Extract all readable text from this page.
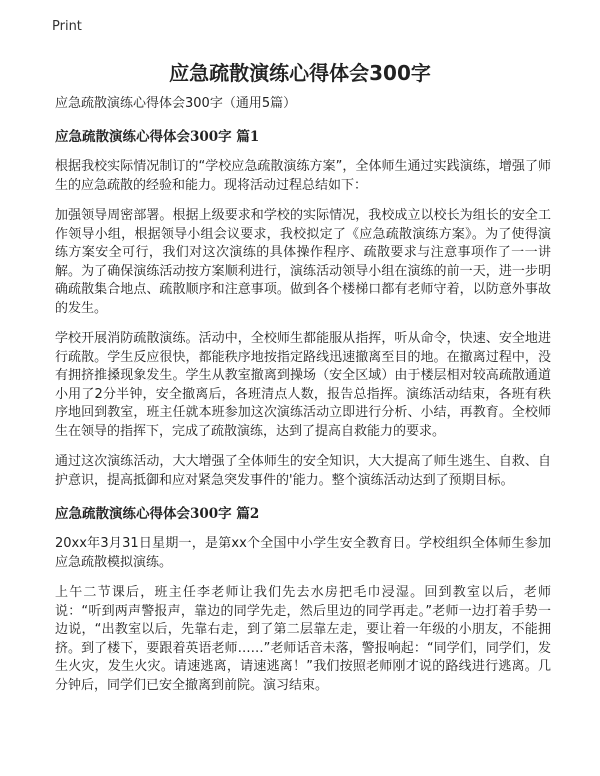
Print
应急疏散演练心得体会300字
应急疏散演练心得体会300字（通用5篇）
应急疏散演练心得体会300字 篇1

根据我校实际情况制订的“学校应急疏散演练方案”，全体师生通过实践演练，增强了师生的应急疏散的经验和能力。现将活动过程总结如下：

加强领导周密部署。根据上级要求和学校的实际情况，我校成立以校长为组长的安全工作领导小组，根据领导小组会议要求，我校拟定了《应急疏散演练方案》。为了使得演练方案安全可行，我们对这次演练的具体操作程序、疏散要求与注意事项作了一一讲解。为了确保演练活动按方案顺利进行，演练活动领导小组在演练的前一天，进一步明确疏散集合地点、疏散顺序和注意事项。做到各个楼梯口都有老师守着，以防意外事故的发生。

学校开展消防疏散演练。活动中，全校师生都能服从指挥，听从命令，快速、安全地进行疏散。学生反应很快，都能秩序地按指定路线迅速撤离至目的地。在撤离过程中，没有拥挤推搡现象发生。学生从教室撤离到操场（安全区域）由于楼层相对较高疏散通道小用了2分半钟，安全撤离后，各班清点人数，报告总指挥。演练活动结束，各班有秩序地回到教室，班主任就本班参加这次演练活动立即进行分析、小结，再教育。全校师生在领导的指挥下，完成了疏散演练，达到了提高自救能力的要求。

通过这次演练活动，大大增强了全体师生的安全知识，大大提高了师生逃生、自救、自护意识，提高抵御和应对紧急突发事件的'能力。整个演练活动达到了预期目标。

应急疏散演练心得体会300字 篇2

20xx年3月31日星期一，是第xx个全国中小学生安全教育日。学校组织全体师生参加应急疏散模拟演练。

上午二节课后，班主任李老师让我们先去水房把毛巾浸湿。回到教室以后，老师说：“听到两声警报声，靠边的同学先走，然后里边的同学再走。”老师一边打着手势一边说，“出教室以后，先靠右走，到了第二层靠左走，要让着一年级的小朋友，不能拥挤。到了楼下，要跟着英语老师……”老师话音未落，警报响起：“同学们，同学们，发生火灾，发生火灾。请速逃离，请速逃离！”我们按照老师刚才说的路线进行逃离。几分钟后，同学们已安全撤离到前院。演习结束。
